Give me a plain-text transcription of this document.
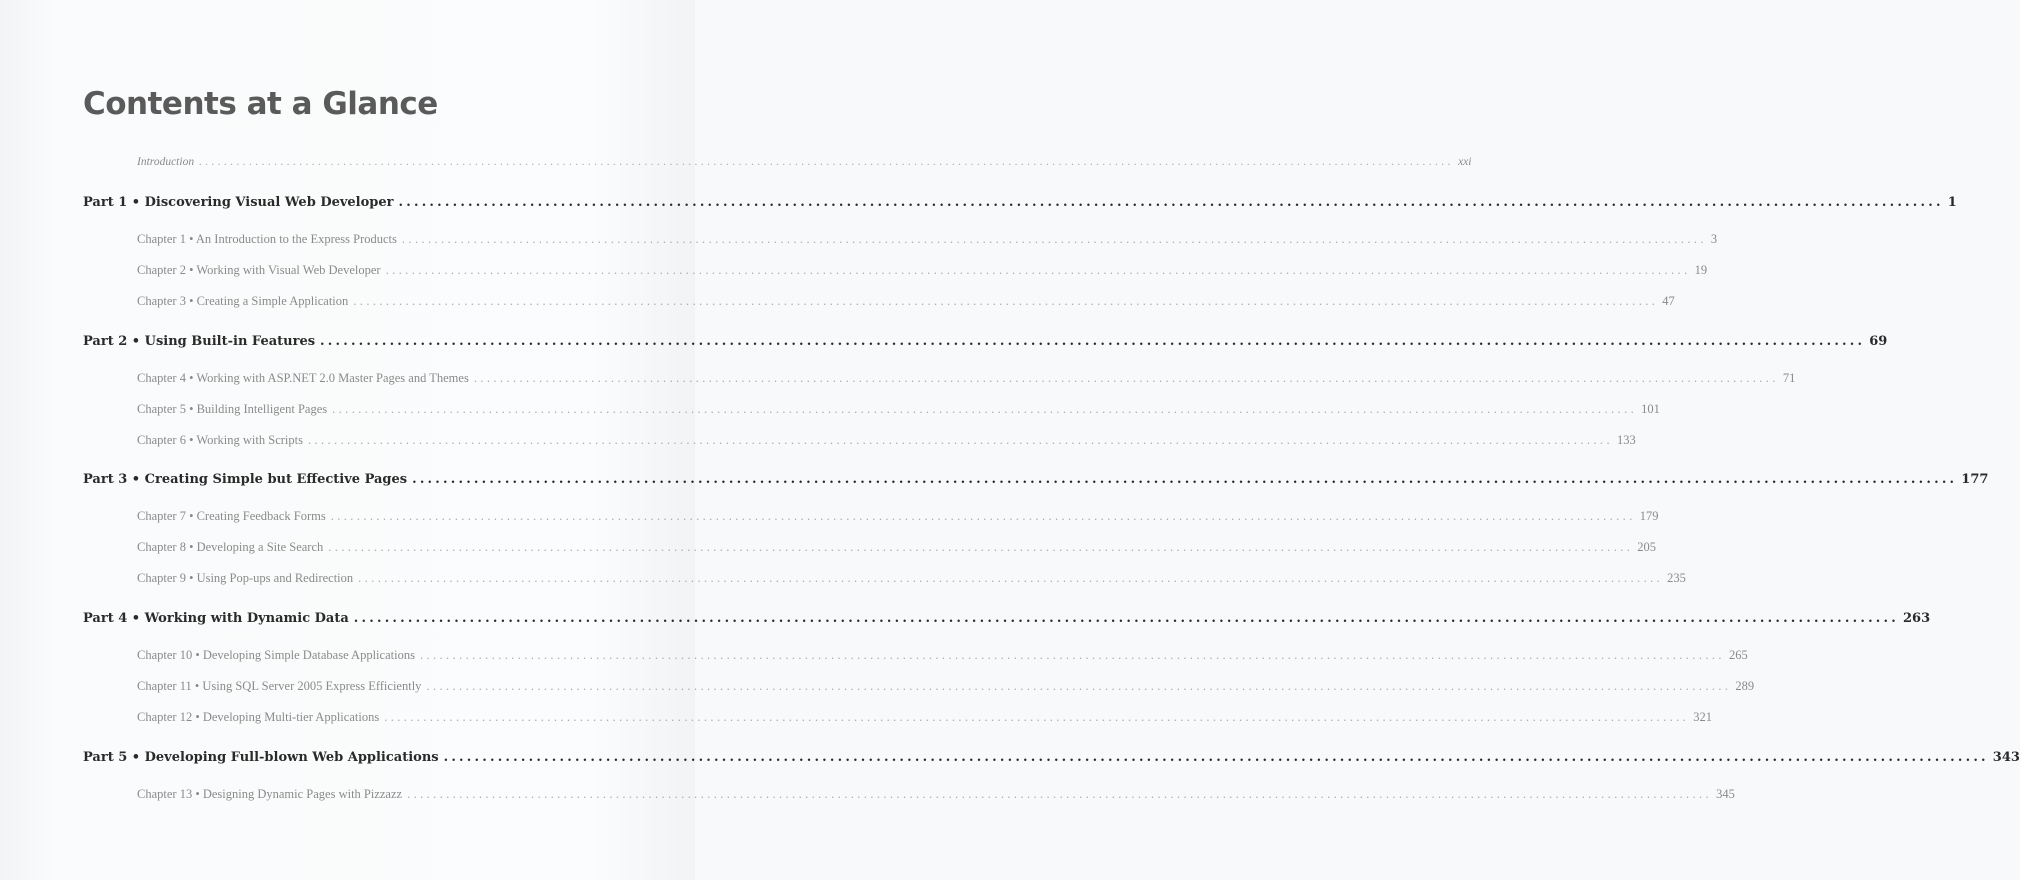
Contents at a Glance
Introduction ........................................................................................................................................................................................................ xxi
Part 1 • Discovering Visual Web Developer ........................................................................................................................................................................................................ 1
Chapter 1 • An Introduction to the Express Products ........................................................................................................................................................................................................ 3
Chapter 2 • Working with Visual Web Developer ........................................................................................................................................................................................................ 19
Chapter 3 • Creating a Simple Application ........................................................................................................................................................................................................ 47
Part 2 • Using Built-in Features ........................................................................................................................................................................................................ 69
Chapter 4 • Working with ASP.NET 2.0 Master Pages and Themes ........................................................................................................................................................................................................ 71
Chapter 5 • Building Intelligent Pages ........................................................................................................................................................................................................ 101
Chapter 6 • Working with Scripts ........................................................................................................................................................................................................ 133
Part 3 • Creating Simple but Effective Pages ........................................................................................................................................................................................................ 177
Chapter 7 • Creating Feedback Forms ........................................................................................................................................................................................................ 179
Chapter 8 • Developing a Site Search ........................................................................................................................................................................................................ 205
Chapter 9 • Using Pop-ups and Redirection ........................................................................................................................................................................................................ 235
Part 4 • Working with Dynamic Data ........................................................................................................................................................................................................ 263
Chapter 10 • Developing Simple Database Applications ........................................................................................................................................................................................................ 265
Chapter 11 • Using SQL Server 2005 Express Efficiently ........................................................................................................................................................................................................ 289
Chapter 12 • Developing Multi-tier Applications ........................................................................................................................................................................................................ 321
Part 5 • Developing Full-blown Web Applications ........................................................................................................................................................................................................ 343
Chapter 13 • Designing Dynamic Pages with Pizzazz ........................................................................................................................................................................................................ 345
